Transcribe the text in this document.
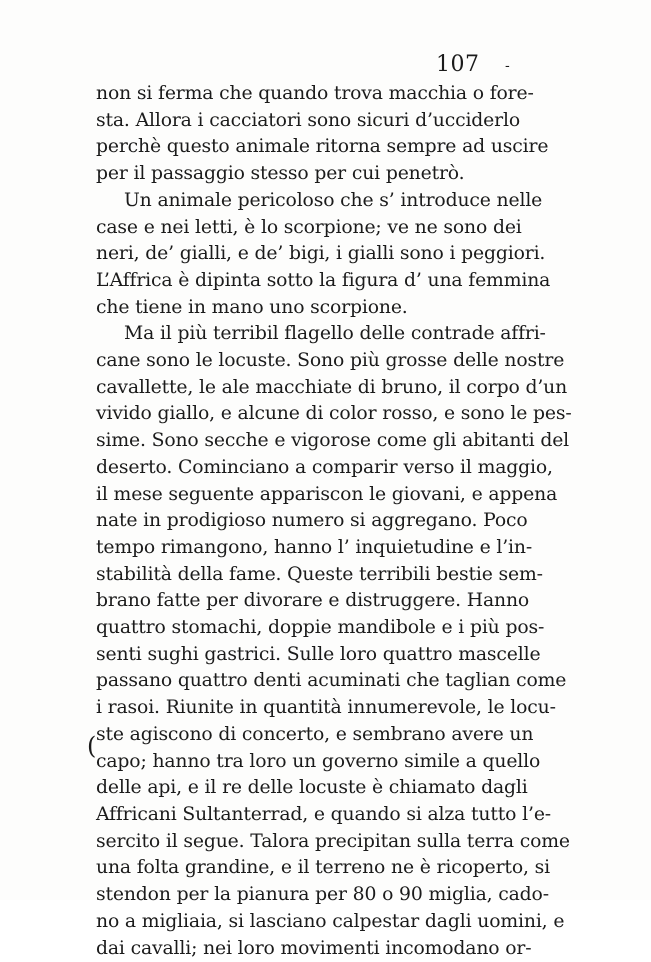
107 -
(
non si ferma che quando trova macchia o fore-
sta. Allora i cacciatori sono sicuri d’ucciderlo
perchè questo animale ritorna sempre ad uscire
per il passaggio stesso per cui penetrò.
Un animale pericoloso che s’ introduce nelle
case e nei letti, è lo scorpione; ve ne sono dei
neri, de’ gialli, e de’ bigi, i gialli sono i peggiori.
L’Affrica è dipinta sotto la figura d’ una femmina
che tiene in mano uno scorpione.
Ma il più terribil flagello delle contrade affri-
cane sono le locuste. Sono più grosse delle nostre
cavallette, le ale macchiate di bruno, il corpo d’un
vivido giallo, e alcune di color rosso, e sono le pes-
sime. Sono secche e vigorose come gli abitanti del
deserto. Cominciano a comparir verso il maggio,
il mese seguente appariscon le giovani, e appena
nate in prodigioso numero si aggregano. Poco
tempo rimangono, hanno l’ inquietudine e l’in-
stabilità della fame. Queste terribili bestie sem-
brano fatte per divorare e distruggere. Hanno
quattro stomachi, doppie mandibole e i più pos-
senti sughi gastrici. Sulle loro quattro mascelle
passano quattro denti acuminati che taglian come
i rasoi. Riunite in quantità innumerevole, le locu-
ste agiscono di concerto, e sembrano avere un
capo; hanno tra loro un governo simile a quello
delle api, e il re delle locuste è chiamato dagli
Affricani Sultanterrad, e quando si alza tutto l’e-
sercito il segue. Talora precipitan sulla terra come
una folta grandine, e il terreno ne è ricoperto, si
stendon per la pianura per 80 o 90 miglia, cado-
no a migliaia, si lasciano calpestar dagli uomini, e
dai cavalli; nei loro movimenti incomodano or-
